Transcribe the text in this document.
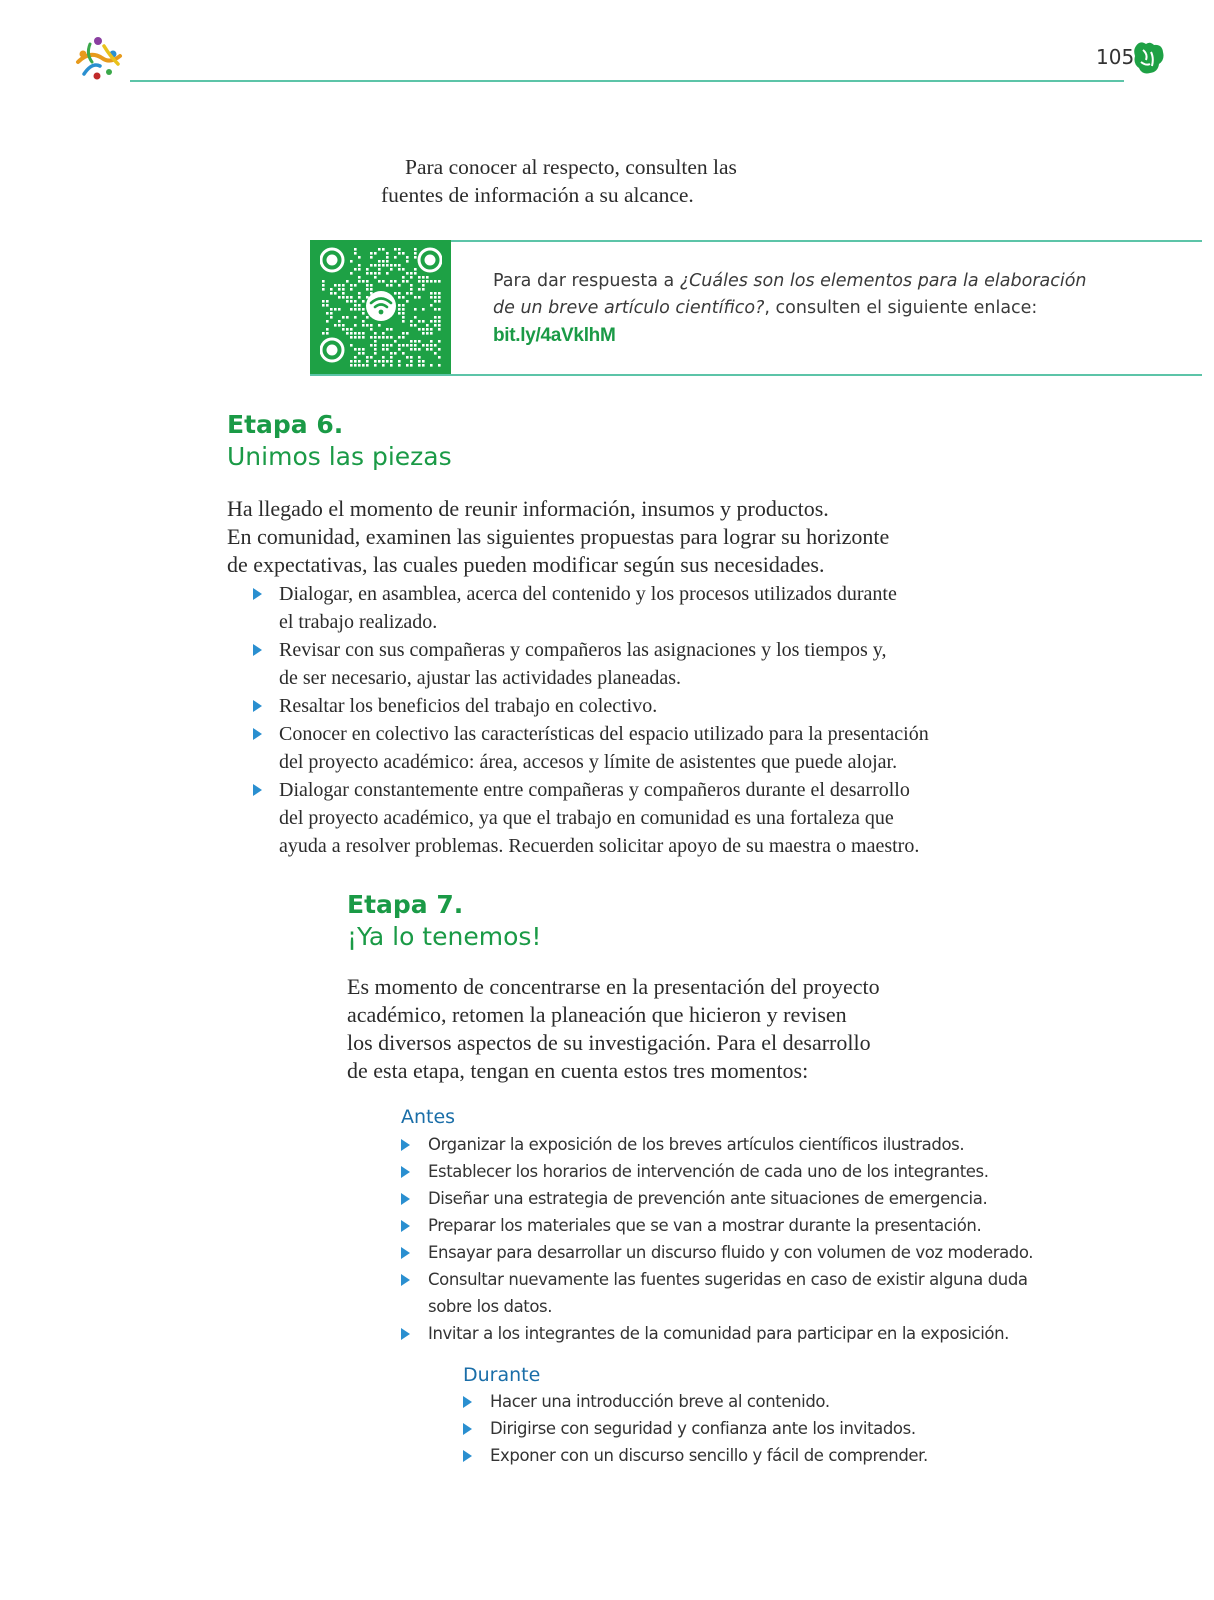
105
Para conocer al respecto, consulten las
fuentes de información a su alcance.
Para dar respuesta a ¿Cuáles son los elementos para la elaboración
de un breve artículo científico?, consulten el siguiente enlace:
bit.ly/4aVklhM
Etapa 6.
Unimos las piezas
Ha llegado el momento de reunir información, insumos y productos.
En comunidad, examinen las siguientes propuestas para lograr su horizonte
de expectativas, las cuales pueden modificar según sus necesidades.
Dialogar, en asamblea, acerca del contenido y los procesos utilizados durante
el trabajo realizado.
Revisar con sus compañeras y compañeros las asignaciones y los tiempos y,
de ser necesario, ajustar las actividades planeadas.
Resaltar los beneficios del trabajo en colectivo.
Conocer en colectivo las características del espacio utilizado para la presentación
del proyecto académico: área, accesos y límite de asistentes que puede alojar.
Dialogar constantemente entre compañeras y compañeros durante el desarrollo
del proyecto académico, ya que el trabajo en comunidad es una fortaleza que
ayuda a resolver problemas. Recuerden solicitar apoyo de su maestra o maestro.
Etapa 7.
¡Ya lo tenemos!
Es momento de concentrarse en la presentación del proyecto
académico, retomen la planeación que hicieron y revisen
los diversos aspectos de su investigación. Para el desarrollo
de esta etapa, tengan en cuenta estos tres momentos:
Antes
Organizar la exposición de los breves artículos científicos ilustrados.
Establecer los horarios de intervención de cada uno de los integrantes.
Diseñar una estrategia de prevención ante situaciones de emergencia.
Preparar los materiales que se van a mostrar durante la presentación.
Ensayar para desarrollar un discurso fluido y con volumen de voz moderado.
Consultar nuevamente las fuentes sugeridas en caso de existir alguna duda
sobre los datos.
Invitar a los integrantes de la comunidad para participar en la exposición.
Durante
Hacer una introducción breve al contenido.
Dirigirse con seguridad y confianza ante los invitados.
Exponer con un discurso sencillo y fácil de comprender.
